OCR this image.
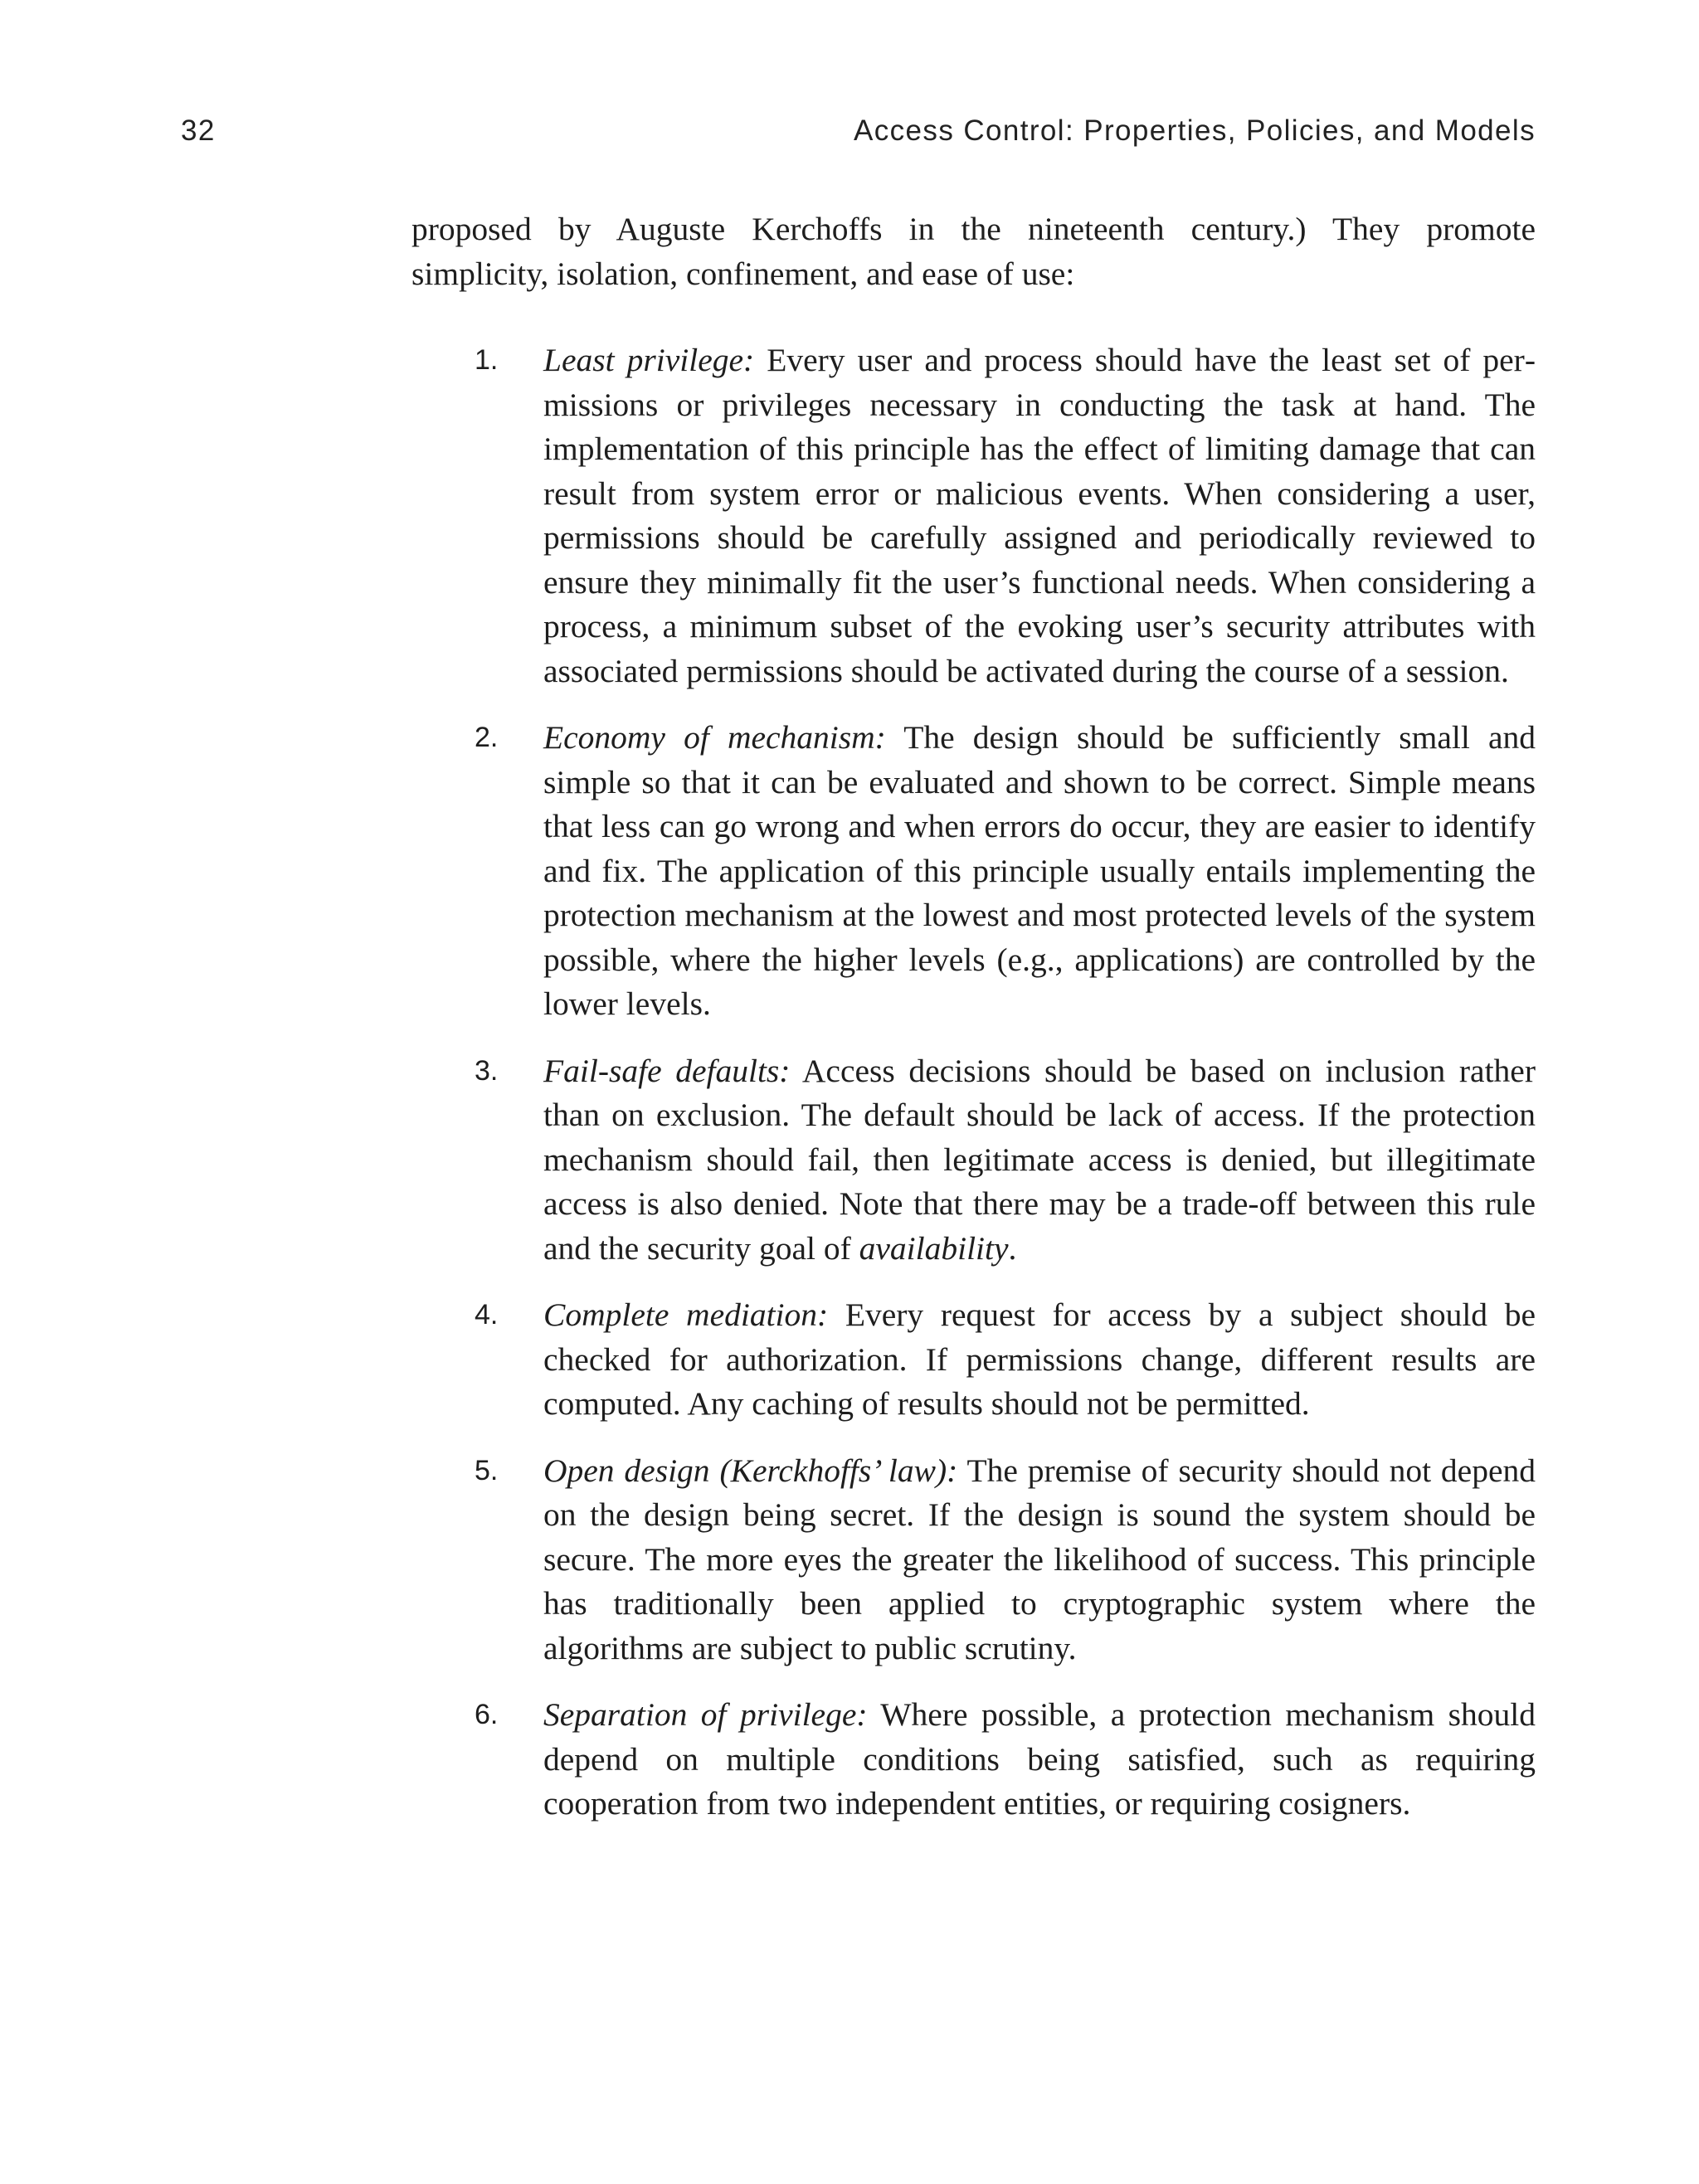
32	Access Control: Properties, Policies, and Models

proposed by Auguste Kerchoffs in the nineteenth century.) They promote
simplicity, isolation, confinement, and ease of use:

1. Least privilege: Every user and process should have the least set of permissions or privileges necessary in conducting the task at hand. The implementation of this principle has the effect of limiting damage that can result from system error or malicious events. When considering a user, permissions should be carefully assigned and periodically reviewed to ensure they minimally fit the user’s functional needs. When considering a process, a minimum subset of the evoking user’s security attributes with associated permissions should be activated during the course of a session.
2. Economy of mechanism: The design should be sufficiently small and simple so that it can be evaluated and shown to be correct. Simple means that less can go wrong and when errors do occur, they are easier to identify and fix. The application of this principle usually entails implementing the protection mechanism at the lowest and most protected levels of the system possible, where the higher levels (e.g., applications) are controlled by the lower levels.
3. Fail-safe defaults: Access decisions should be based on inclusion rather than on exclusion. The default should be lack of access. If the protection mechanism should fail, then legitimate access is denied, but illegitimate access is also denied. Note that there may be a trade-off between this rule and the security goal of availability.
4. Complete mediation: Every request for access by a subject should be checked for authorization. If permissions change, different results are computed. Any caching of results should not be permitted.
5. Open design (Kerckhoffs’ law): The premise of security should not depend on the design being secret. If the design is sound the system should be secure. The more eyes the greater the likelihood of success. This principle has traditionally been applied to cryptographic system where the algorithms are subject to public scrutiny.
6. Separation of privilege: Where possible, a protection mechanism should depend on multiple conditions being satisfied, such as requiring cooperation from two independent entities, or requiring cosigners.
